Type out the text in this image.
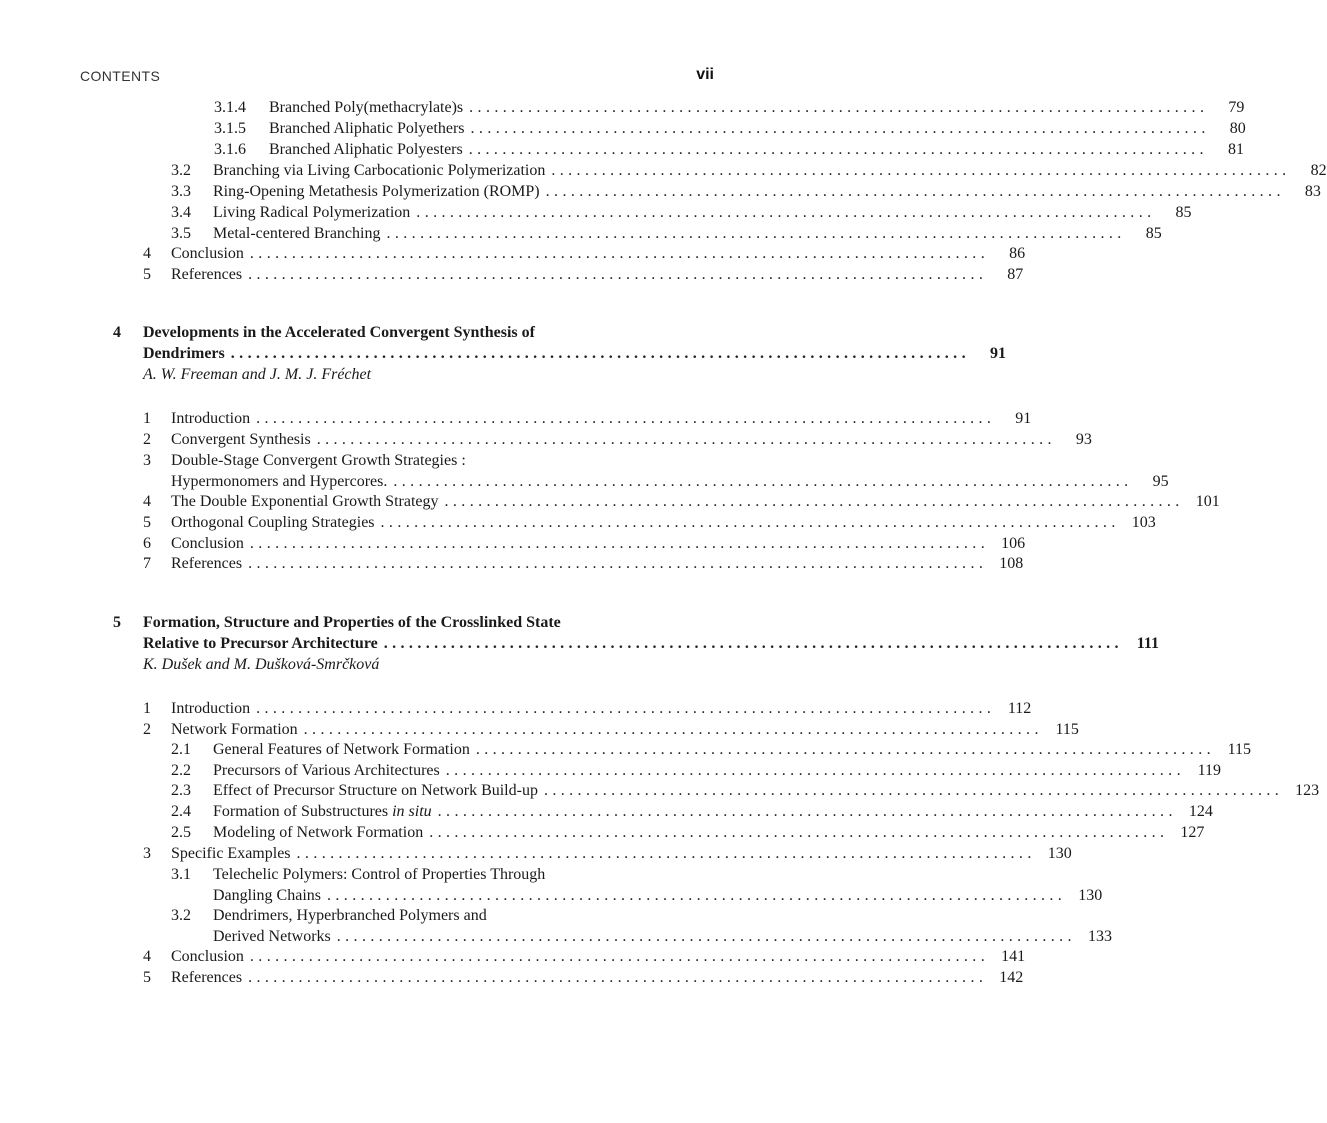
CONTENTS	vii
3.1.4	Branched Poly(methacrylate)s ........................................................................................	79
3.1.5	Branched Aliphatic Polyethers ........................................................................................	80
3.1.6	Branched Aliphatic Polyesters ........................................................................................	81
3.2	Branching via Living Carbocationic Polymerization ........................................................................................	82
3.3	Ring-Opening Metathesis Polymerization (ROMP) ........................................................................................	83
3.4	Living Radical Polymerization ........................................................................................	85
3.5	Metal-centered Branching ........................................................................................	85
4	Conclusion ........................................................................................	86
5	References ........................................................................................	87
4 Developments in the Accelerated Convergent Synthesis of
Dendrimers ........................................................................................	91
A. W. Freeman and J. M. J. Fréchet
1	Introduction ........................................................................................	91
2	Convergent Synthesis ........................................................................................	93
3	Double-Stage Convergent Growth Strategies :
Hypermonomers and Hypercores. ........................................................................................	95
4	The Double Exponential Growth Strategy ........................................................................................ 101
5	Orthogonal Coupling Strategies ........................................................................................ 103
6	Conclusion ........................................................................................ 106
7	References ........................................................................................ 108
5 Formation, Structure and Properties of the Crosslinked State
Relative to Precursor Architecture ........................................................................................ 111
K. Dušek and M. Dušková-Smrčková
1	Introduction ........................................................................................ 112
2	Network Formation ........................................................................................ 115
2.1	General Features of Network Formation ........................................................................................ 115
2.2	Precursors of Various Architectures ........................................................................................ 119
2.3	Effect of Precursor Structure on Network Build-up ........................................................................................ 123
2.4	Formation of Substructures in situ ........................................................................................ 124
2.5	Modeling of Network Formation ........................................................................................ 127
3	Specific Examples ........................................................................................ 130
3.1	Telechelic Polymers: Control of Properties Through
Dangling Chains ........................................................................................ 130
3.2	Dendrimers, Hyperbranched Polymers and
Derived Networks ........................................................................................ 133
4	Conclusion ........................................................................................ 141
5	References ........................................................................................ 142
